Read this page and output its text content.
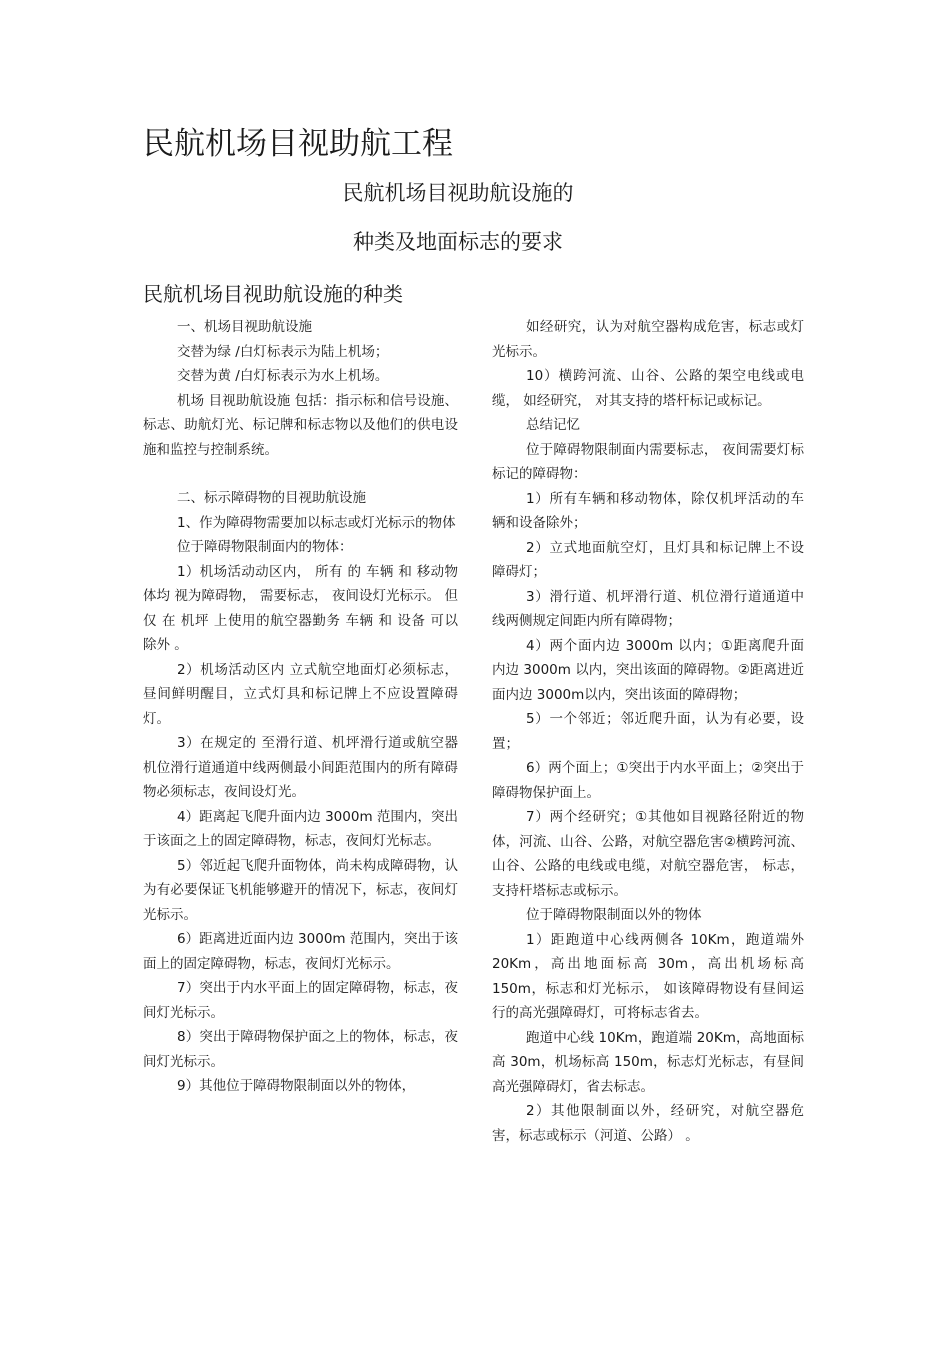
民航机场目视助航工程
民航机场目视助航设施的
种类及地面标志的要求
民航机场目视助航设施的种类

一、机场目视助航设施

交替为绿 /白灯标表示为陆上机场；

交替为黄 /白灯标表示为水上机场。

机场 目视助航设施 包括：指示标和信号设施、标志、助航灯光、标记牌和标志物以及他们的供电设施和监控与控制系统。

二、标示障碍物的目视助航设施

1、作为障碍物需要加以标志或灯光标示的物体

位于障碍物限制面内的物体：

1）机场活动动区内， 所有 的 车辆 和 移动物体均 视为障碍物， 需要标志， 夜间设灯光标示。 但 仅 在 机坪 上使用的航空器勤务 车辆 和 设备 可以 除外 。

2）机场活动区内 立式航空地面灯必须标志，昼间鲜明醒目，立式灯具和标记牌上不应设置障碍灯。

3）在规定的 至滑行道、机坪滑行道或航空器机位滑行道通道中线两侧最小间距范围内的所有障碍物必须标志，夜间设灯光。

4）距离起飞爬升面内边 3000m 范围内，突出于该面之上的固定障碍物，标志，夜间灯光标志。

5）邻近起飞爬升面物体，尚未构成障碍物，认为有必要保证飞机能够避开的情况下，标志，夜间灯光标示。

6）距离进近面内边 3000m 范围内，突出于该面上的固定障碍物，标志，夜间灯光标示。

7）突出于内水平面上的固定障碍物，标志，夜间灯光标示。

8）突出于障碍物保护面之上的物体，标志，夜间灯光标示。

9）其他位于障碍物限制面以外的物体，

如经研究，认为对航空器构成危害，标志或灯光标示。

10）横跨河流、山谷、公路的架空电线或电缆， 如经研究， 对其支持的塔杆标记或标记。

总结记忆

位于障碍物限制面内需要标志， 夜间需要灯标标记的障碍物：

1）所有车辆和移动物体，除仅机坪活动的车辆和设备除外；

2）立式地面航空灯，且灯具和标记牌上不设障碍灯；

3）滑行道、机坪滑行道、机位滑行道通道中线两侧规定间距内所有障碍物；

4）两个面内边 3000m 以内；①距离爬升面内边 3000m 以内，突出该面的障碍物。②距离进近面内边 3000m以内，突出该面的障碍物；

5）一个邻近；邻近爬升面，认为有必要，设置；

6）两个面上；①突出于内水平面上；②突出于障碍物保护面上。

7）两个经研究；①其他如目视路径附近的物体，河流、山谷、公路，对航空器危害②横跨河流、山谷、公路的电线或电缆，对航空器危害， 标志，支持杆塔标志或标示。

位于障碍物限制面以外的物体

1）距跑道中心线两侧各 10Km，跑道端外 20Km，高出地面标高 30m，高出机场标高150m，标志和灯光标示， 如该障碍物设有昼间运行的高光强障碍灯，可将标志省去。

跑道中心线 10Km，跑道端 20Km，高地面标高 30m，机场标高 150m，标志灯光标志，有昼间高光强障碍灯，省去标志。

2）其他限制面以外，经研究，对航空器危害，标志或标示（河道、公路） 。
